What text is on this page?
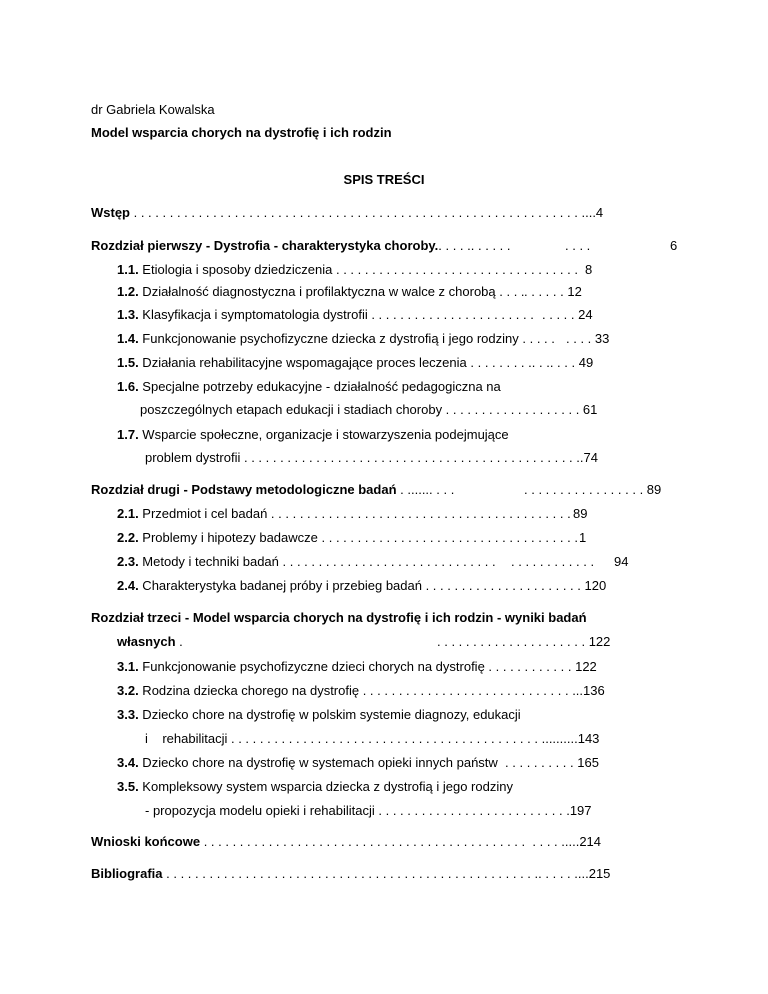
dr Gabriela Kowalska
Model wsparcia chorych na dystrofię i ich rodzin
SPIS TREŚCI
Wstęp . . . . . . . . . . . . . . . . . . . . . . . . . . . . . . . . . . . . . . . . . . . . . . . . . . . . . . . . . . . . . . ....4
Rozdział pierwszy - Dystrofia - charakterystyka choroby.. . . . .. . . . . .	. . . .	6
1.1. Etiologia i sposoby dziedziczenia . . . . . . . . . . . . . . . . . . . . . . . . . . . . . . . . . . 8
1.2. Działalność diagnostyczna i profilaktyczna w walce z chorobą . . . . . . . . . . 12
1.3. Klasyfikacja i symptomatologia dystrofii . . . . . . . . . . . . . . . . . . . . . . . . . . . . 24
1.4. Funkcjonowanie psychofizyczne dziecka z dystrofią i jego rodziny . . . . . . . . . 33
1.5. Działania rehabilitacyjne wspomagające proces leczenia . . . . . . . . .. . .. . . . 49
1.6. Specjalne potrzeby edukacyjne - działalność pedagogiczna na
poszczególnych etapach edukacji i stadiach choroby . . . . . . . . . . . . . . . . . . . 61
1.7. Wsparcie społeczne, organizacje i stowarzyszenia podejmujące
problem dystrofii . . . . . . . . . . . . . . . . . . . . . . . . . . . . . . . . . . . . . . . . . . . . . . ..74
Rozdział drugi - Podstawy metodologiczne badań . ....... . . .	. . . . . . . . . . . . . . . . . 89
2.1. Przedmiot i cel badań . . . . . . . . . . . . . . . . . . . . . . . . . . . . . . . . . . . . . . . . . . 89
2.2. Problemy i hipotezy badawcze . . . . . . . . . . . . . . . . . . . . . . . . . . . . . . . . . . . . 1
2.3. Metody i techniki badań . . . . . . . . . . . . . . . . . . . . . . . . . . . . . . . . . . . . . . . . . . 94
2.4. Charakterystyka badanej próby i przebieg badań . . . . . . . . . . . . . . . . . . . . . . 120
Rozdział trzeci - Model wsparcia chorych na dystrofię i ich rodzin - wyniki badań
własnych .	. . . . . . . . . . . . . . . . . . . . . 122
3.1. Funkcjonowanie psychofizyczne dzieci chorych na dystrofię . . . . . . . . . . . . 122
3.2. Rodzina dziecka chorego na dystrofię . . . . . . . . . . . . . . . . . . . . . . . . . . . . . ...136
3.3. Dziecko chore na dystrofię w polskim systemie diagnozy, edukacji
i    rehabilitacji . . . . . . . . . . . . . . . . . . . . . . . . . . . . . . . . . . . . . . . . . . . ..........143
3.4. Dziecko chore na dystrofię w systemach opieki innych państw  . . . . . . . . . . 165
3.5. Kompleksowy system wsparcia dziecka z dystrofią i jego rodziny
- propozycja modelu opieki i rehabilitacji . . . . . . . . . . . . . . . . . . . . . . . . . . .197
Wnioski końcowe . . . . . . . . . . . . . . . . . . . . . . . . . . . . . . . . . . . . . . . . . . . . .  . . . . .....214
Bibliografia . . . . . . . . . . . . . . . . . . . . . . . . . . . . . . . . . . . . . . . . . . . . . . . . . . . .. . . . . ....215
